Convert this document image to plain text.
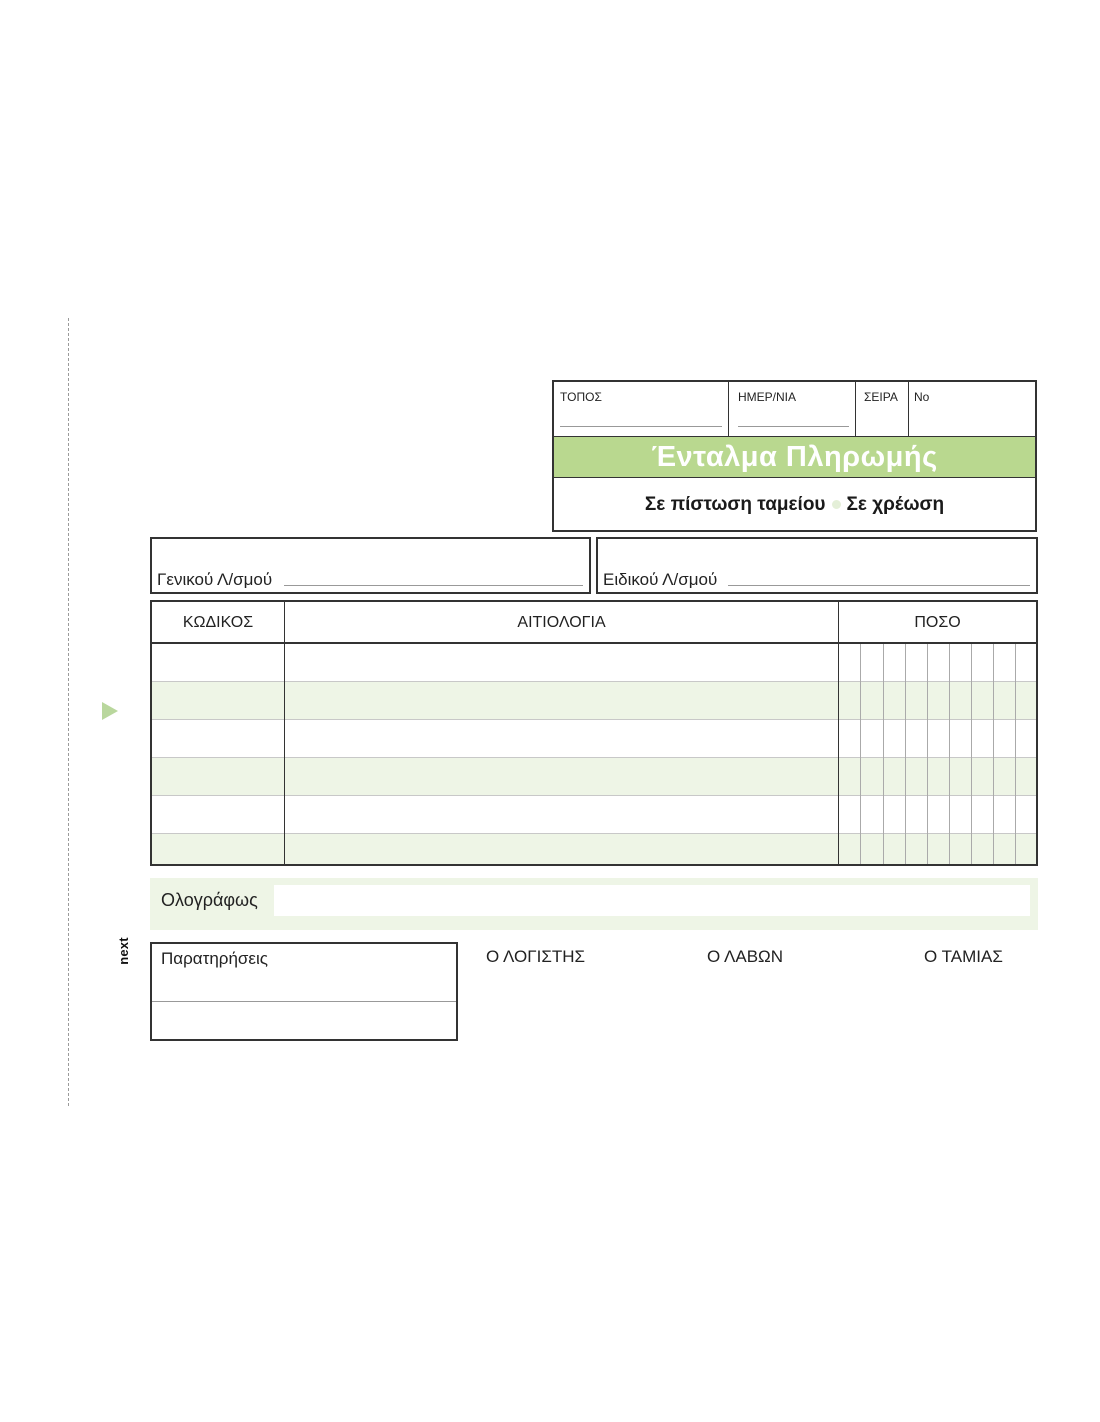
next
ΤΟΠΟΣ	ΗΜΕΡ/ΝΙΑ	ΣΕΙΡΑ No
Ένταλμα Πληρωμής
Σε πίστωση ταμείου Σε χρέωση
Γενικού Λ/σμού	Ειδικού Λ/σμού
ΚΩΔΙΚΟΣ	ΑΙΤΙΟΛΟΓΙΑ	ΠΟΣΟ
Ολογράφως
Παρατηρήσεις	Ο ΛΟΓΙΣΤΗΣ	Ο ΛΑΒΩΝ	Ο ΤΑΜΙΑΣ
